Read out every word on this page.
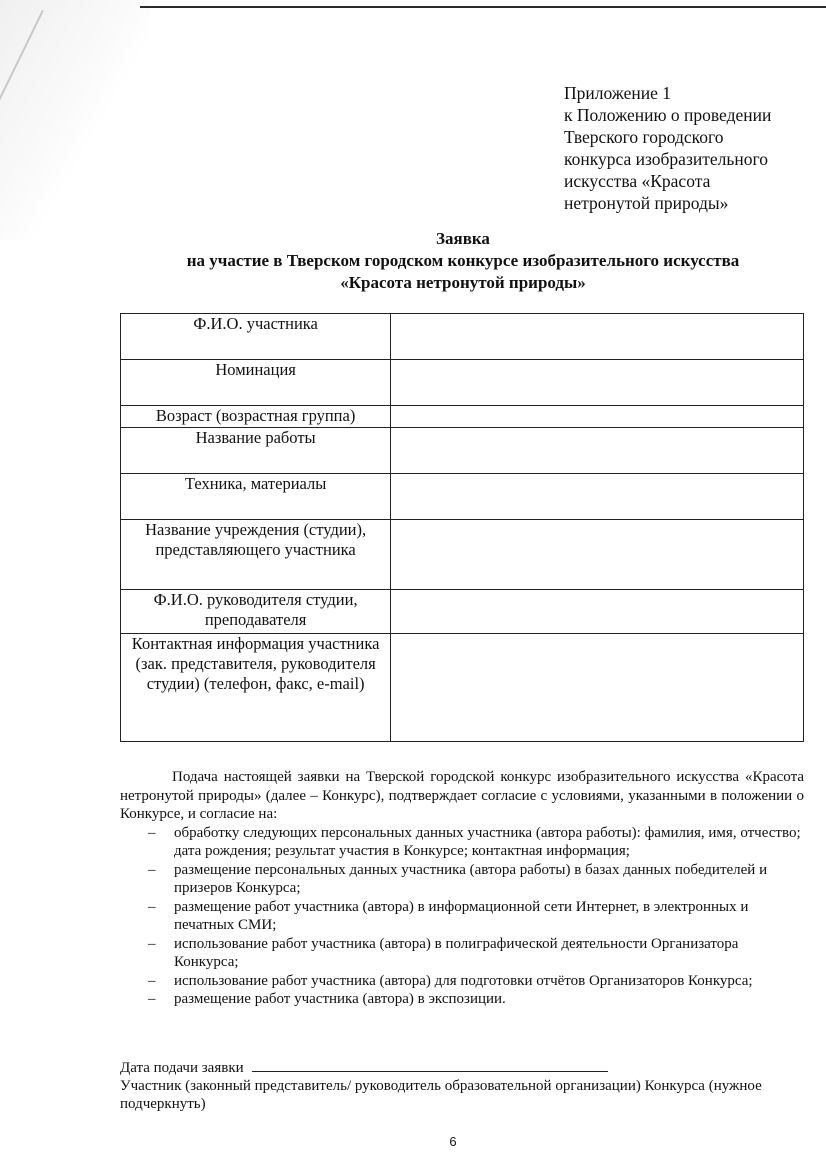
Приложение 1
к Положению о проведении
Тверского городского
конкурса изобразительного
искусства «Красота
нетронутой природы»
Заявка
на участие в Тверском городском конкурсе изобразительного искусства
«Красота нетронутой природы»
Ф.И.О. участника	
Номинация	
Возраст (возрастная группа)	
Название работы	
Техника, материалы	
Название учреждения (студии), представляющего участника	
Ф.И.О. руководителя студии, преподавателя	
Контактная информация участника (зак. представителя, руководителя студии) (телефон, факс, e-mail)	

Подача настоящей заявки на Тверской городской конкурс изобразительного искусства «Красота нетронутой природы» (далее – Конкурс), подтверждает согласие с условиями, указанными в положении о Конкурсе, и согласие на:

– обработку следующих персональных данных участника (автора работы): фамилия, имя, отчество; дата рождения; результат участия в Конкурсе; контактная информация;
– размещение персональных данных участника (автора работы) в базах данных победителей и призеров Конкурса;
– размещение работ участника (автора) в информационной сети Интернет, в электронных и печатных СМИ;
– использование работ участника (автора) в полиграфической деятельности Организатора Конкурса;
– использование работ участника (автора) для подготовки отчётов Организаторов Конкурса;
– размещение работ участника (автора) в экспозиции.
Дата подачи заявки
Участник (законный представитель/ руководитель образовательной организации) Конкурса (нужное подчеркнуть)
6
